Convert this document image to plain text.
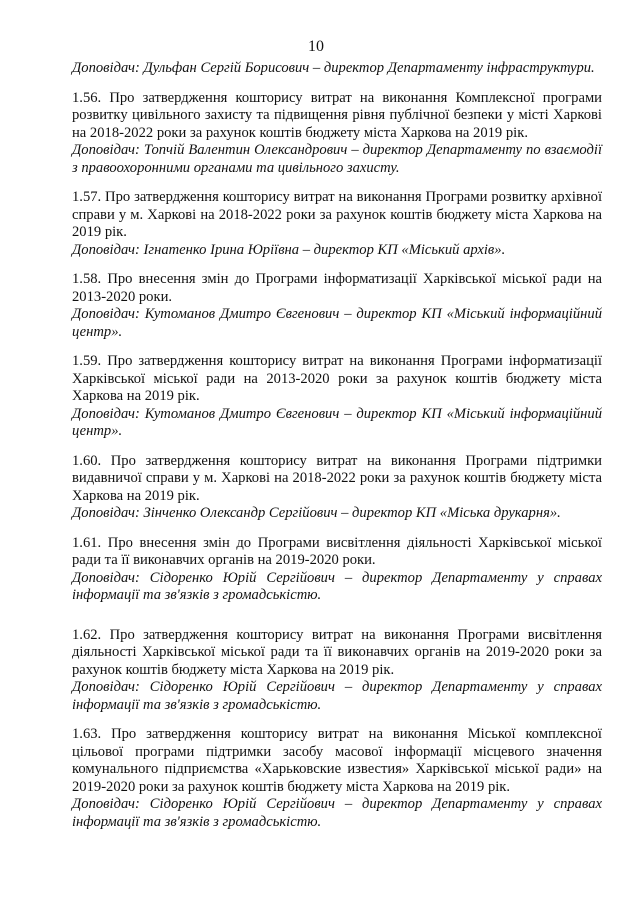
10

Доповідач: Дульфан Сергій Борисович – директор Департаменту інфраструктури.

1.56. Про затвердження кошторису витрат на виконання Комплексної програми розвитку цивільного захисту та підвищення рівня публічної безпеки у місті Харкові на 2018-2022 роки за рахунок коштів бюджету міста Харкова на 2019 рік.

Доповідач: Топчій Валентин Олександрович – директор Департаменту по взаємодії з правоохоронними органами та цивільного захисту.

1.57. Про затвердження кошторису витрат на виконання Програми розвитку архівної справи у м. Харкові на 2018-2022 роки за рахунок коштів бюджету міста Харкова на 2019 рік.

Доповідач: Ігнатенко Ірина Юріївна – директор КП «Міський архів».

1.58. Про внесення змін до Програми інформатизації Харківської міської ради на 2013-2020 роки.

Доповідач: Кутоманов Дмитро Євгенович – директор КП «Міський інформаційний центр».

1.59. Про затвердження кошторису витрат на виконання Програми інформатизації Харківської міської ради на 2013-2020 роки за рахунок коштів бюджету міста Харкова на 2019 рік.

Доповідач: Кутоманов Дмитро Євгенович – директор КП «Міський інформаційний центр».

1.60. Про затвердження кошторису витрат на виконання Програми підтримки видавничої справи у м. Харкові на 2018-2022 роки за рахунок коштів бюджету міста Харкова на 2019 рік.

Доповідач: Зінченко Олександр Сергійович – директор КП «Міська друкарня».

1.61. Про внесення змін до Програми висвітлення діяльності Харківської міської ради та її виконавчих органів на 2019-2020 роки.

Доповідач: Сідоренко Юрій Сергійович – директор Департаменту у справах інформації та зв'язків з громадськістю.

1.62. Про затвердження кошторису витрат на виконання Програми висвітлення діяльності Харківської міської ради та її виконавчих органів на 2019-2020 роки за рахунок коштів бюджету міста Харкова на 2019 рік.

Доповідач: Сідоренко Юрій Сергійович – директор Департаменту у справах інформації та зв'язків з громадськістю.

1.63. Про затвердження кошторису витрат на виконання Міської комплексної цільової програми підтримки засобу масової інформації місцевого значення комунального підприємства «Харьковские известия» Харківської міської ради» на 2019-2020 роки за рахунок коштів бюджету міста Харкова на 2019 рік.

Доповідач: Сідоренко Юрій Сергійович – директор Департаменту у справах інформації та зв'язків з громадськістю.
